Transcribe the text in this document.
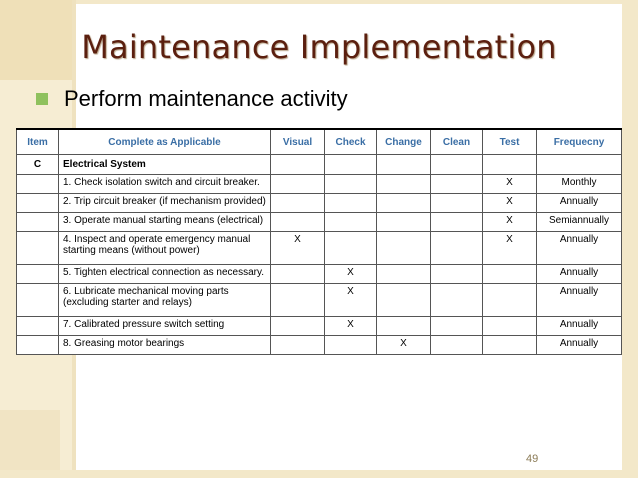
Maintenance Implementation
Perform maintenance activity
Item	Complete as Applicable	Visual	Check	Change	Clean	Test	Frequecny
C	Electrical System						
	1. Check isolation switch and circuit breaker.					X	Monthly
	2. Trip circuit breaker (if mechanism provided)					X	Annually
	3. Operate manual starting means (electrical)					X	Semiannually
	4. Inspect and operate emergency manual starting means (without power)	X				X	Annually
	5. Tighten electrical connection as necessary.		X				Annually
	6. Lubricate mechanical moving parts (excluding starter and relays)		X				Annually
	7. Calibrated pressure switch setting		X				Annually
	8. Greasing motor bearings			X			Annually
49
